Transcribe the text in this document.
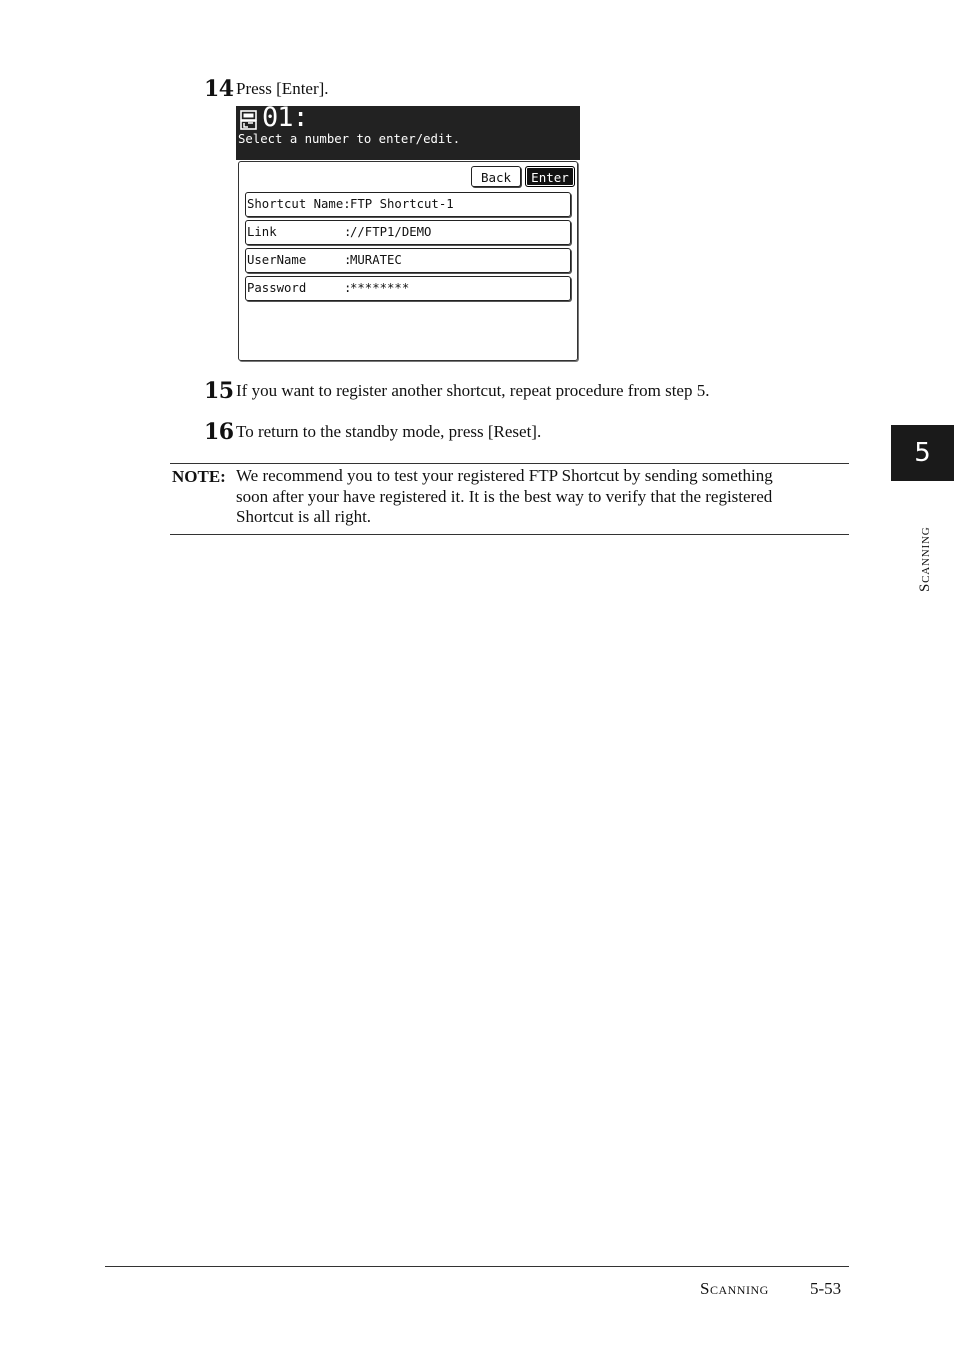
14 Press [Enter].
01:
Select a number to enter/edit.
Back	Enter
Shortcut Name: FTP Shortcut-1
Link	:
//FTP1/DEMO
UserName	:
MURATEC
Password	:
********
15 If you want to register another shortcut, repeat procedure from step 5.
16 To return to the standby mode, press [Reset].
NOTE: We recommend you to test your registered FTP Shortcut by sending something
soon after your have registered it. It is the best way to verify that the registered
Shortcut is all right.
5
Scanning
Scanning 5-53
